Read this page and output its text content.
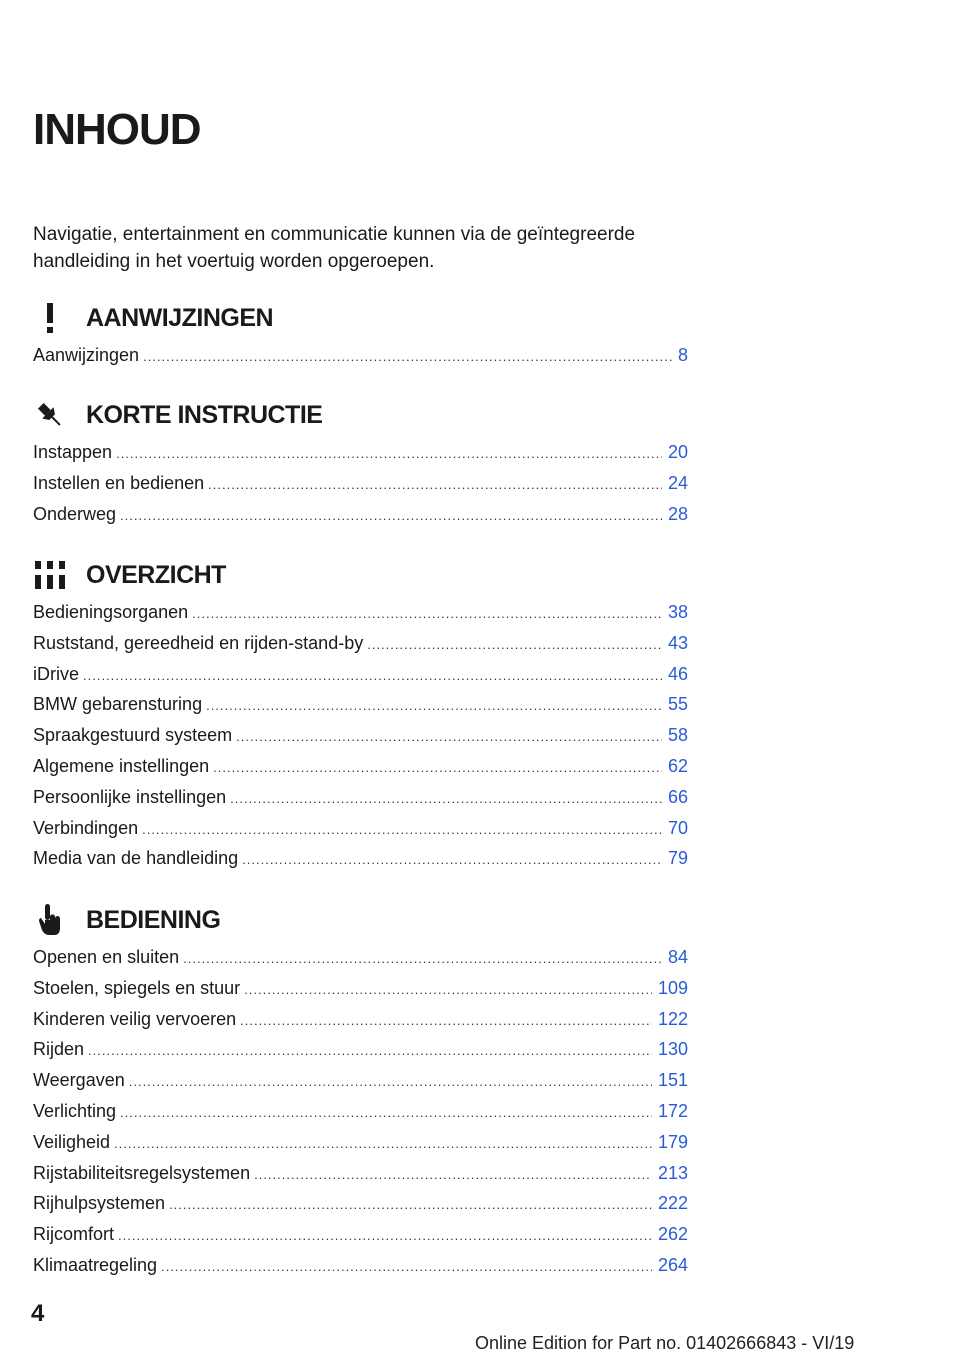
INHOUD

Navigatie, entertainment en communicatie kunnen via de geïntegreerde handleiding in het voertuig worden opgeroepen.

AANWIJZINGEN
Aanwijzingen .....	8
KORTE INSTRUCTIE
Instappen .....	20
Instellen en bedienen .....	24
Onderweg .....	28
OVERZICHT
Bedieningsorganen .....	38
Ruststand, gereedheid en rijden-stand-by .....	43
iDrive .....	46
BMW gebarensturing .....	55
Spraakgestuurd systeem .....	58
Algemene instellingen .....	62
Persoonlijke instellingen .....	66
Verbindingen .....	70
Media van de handleiding .....	79
BEDIENING
Openen en sluiten .....	84
Stoelen, spiegels en stuur .....	109
Kinderen veilig vervoeren .....	122
Rijden .....	130
Weergaven .....	151
Verlichting .....	172
Veiligheid .....	179
Rijstabiliteitsregelsystemen .....	213
Rijhulpsystemen .....	222
Rijcomfort .....	262
Klimaatregeling .....	264

4

Online Edition for Part no. 01402666843 - VI/19
